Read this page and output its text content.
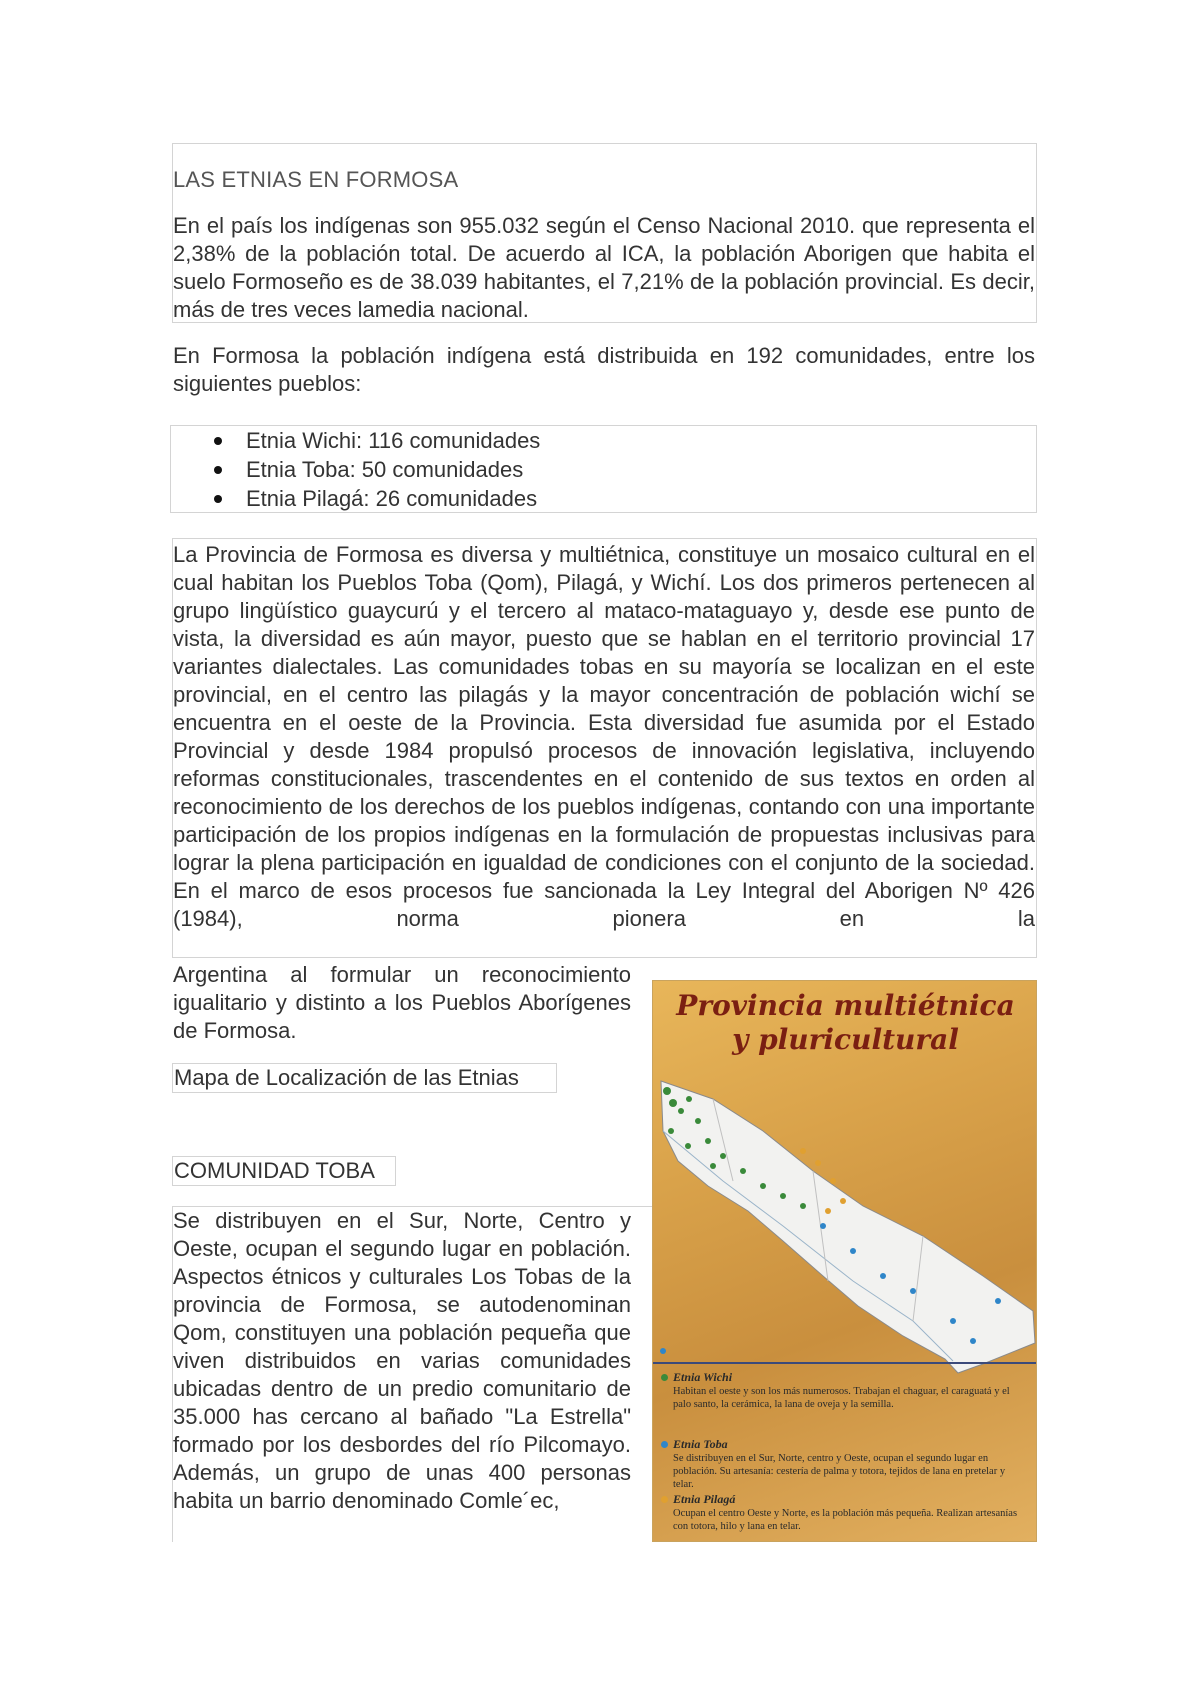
LAS ETNIAS EN FORMOSA

En el país los indígenas son 955.032 según el Censo Nacional 2010. que representa el 2,38% de la población total. De acuerdo al ICA, la población Aborigen que habita el suelo Formoseño es de 38.039 habitantes, el 7,21% de la población provincial. Es decir, más de tres veces lamedia nacional.

En Formosa la población indígena está distribuida en 192 comunidades, entre los siguientes pueblos:

Etnia Wichi: 116 comunidades
Etnia Toba: 50 comunidades
Etnia Pilagá: 26 comunidades

La Provincia de Formosa es diversa y multiétnica, constituye un mosaico cultural en el cual habitan los Pueblos Toba (Qom), Pilagá, y Wichí. Los dos primeros pertenecen al grupo lingüístico guaycurú y el tercero al mataco-mataguayo y, desde ese punto de vista, la diversidad es aún mayor, puesto que se hablan en el territorio provincial 17 variantes dialectales. Las comunidades tobas en su mayoría se localizan en el este provincial, en el centro las pilagás y la mayor concentración de población wichí se encuentra en el oeste de la Provincia. Esta diversidad fue asumida por el Estado Provincial y desde 1984 propulsó procesos de innovación legislativa, incluyendo reformas constitucionales, trascendentes en el contenido de sus textos en orden al reconocimiento de los derechos de los pueblos indígenas, contando con una importante participación de los propios indígenas en la formulación de propuestas inclusivas para lograr la plena participación en igualdad de condiciones con el conjunto de la sociedad. En el marco de esos procesos fue sancionada la Ley Integral del Aborigen Nº 426 (1984), norma pionera en la

Argentina al formular un reconocimiento igualitario y distinto a los Pueblos Aborígenes de Formosa.

Mapa de Localización de las Etnias
COMUNIDAD TOBA

Se distribuyen en el Sur, Norte, Centro y Oeste, ocupan el segundo lugar en población. Aspectos étnicos y culturales Los Tobas de la provincia de Formosa, se autodenominan Qom, constituyen una población pequeña que viven distribuidos en varias comunidades ubicadas dentro de un predio comunitario de 35.000 has cercano al bañado "La Estrella" formado por los desbordes del río Pilcomayo. Además, un grupo de unas 400 personas habita un barrio denominado Comle´ec,

Provincia multiétnica
y pluricultural
Etnia Wichi
Habitan el oeste y son los más numerosos. Trabajan el chaguar, el caraguatá y el palo santo, la cerámica, la lana de oveja y la semilla.
Etnia Toba
Se distribuyen en el Sur, Norte, centro y Oeste, ocupan el segundo lugar en población. Su artesanía: cestería de palma y totora, tejidos de lana en pretelar y telar.
Etnia Pilagá
Ocupan el centro Oeste y Norte, es la población más pequeña. Realizan artesanías con totora, hilo y lana en telar.
